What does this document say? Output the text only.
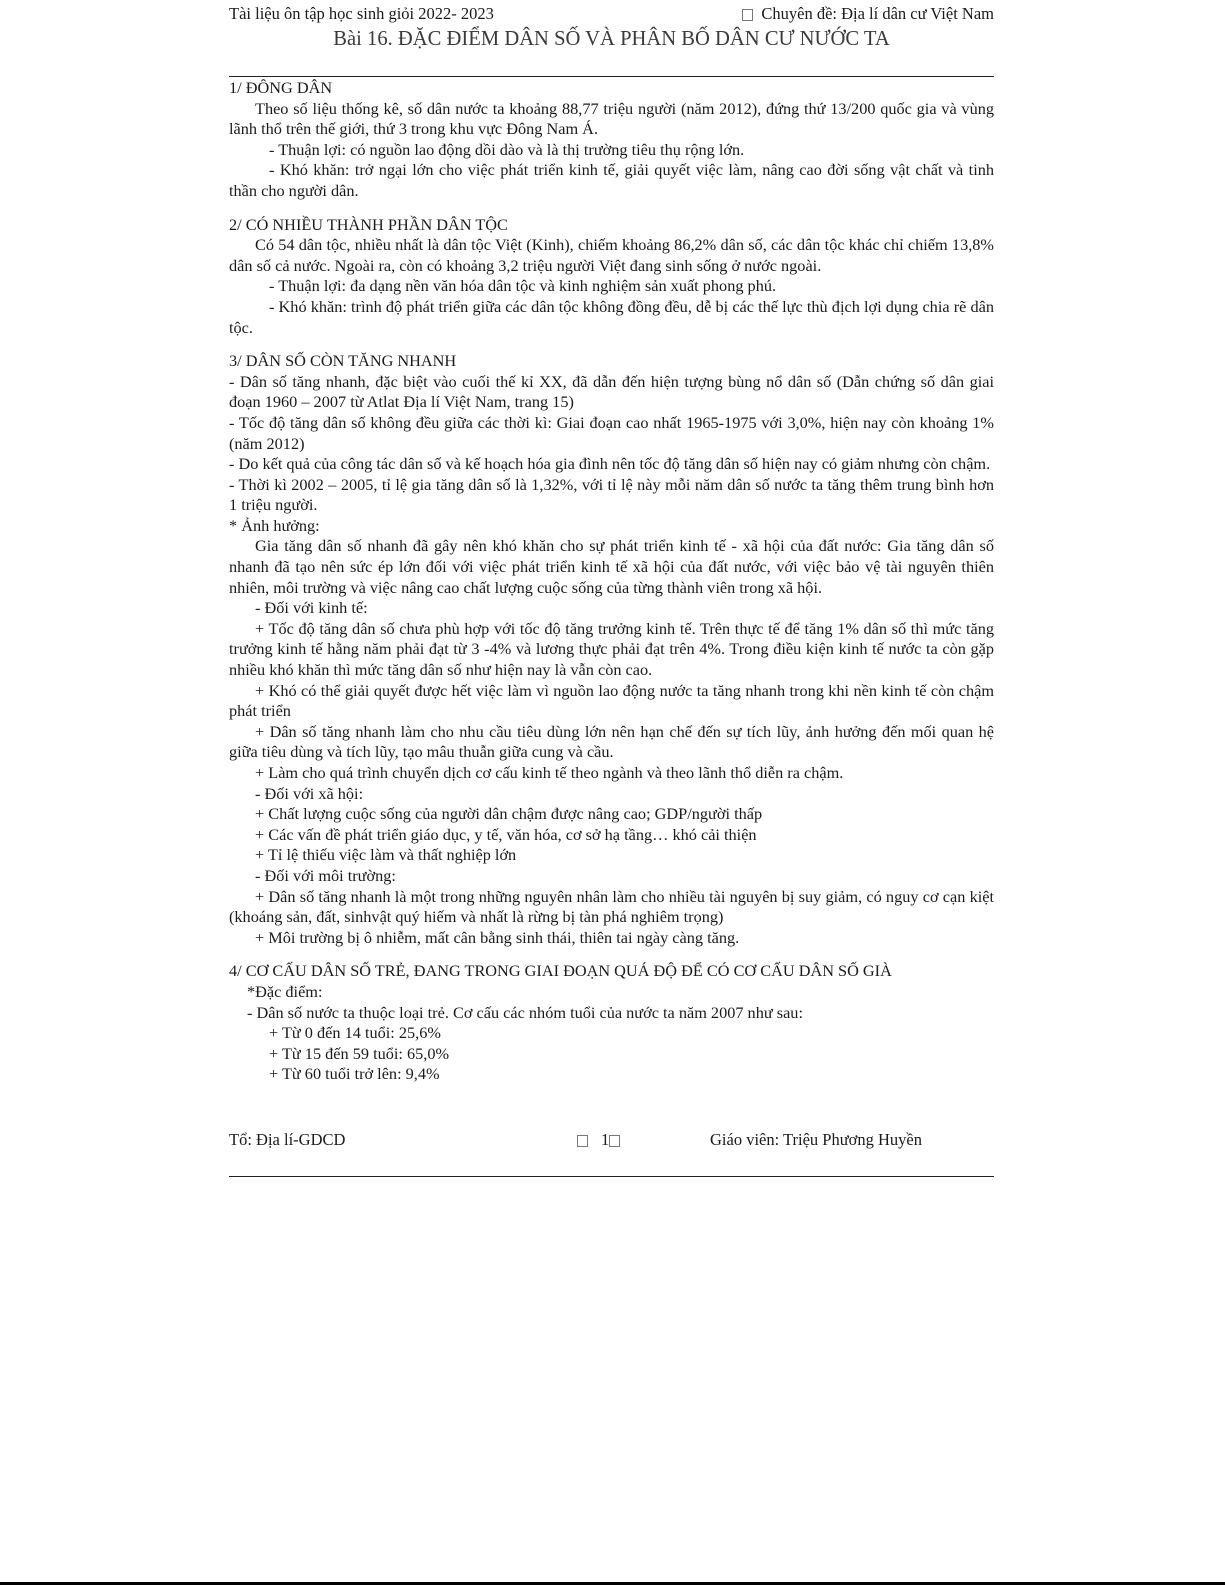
Tài liệu ôn tập học sinh giỏi 2022- 2023	Chuyên đề: Địa lí dân cư Việt Nam
Bài 16. ĐẶC ĐIỂM DÂN SỐ VÀ PHÂN BỐ DÂN CƯ NƯỚC TA

1/ ĐÔNG DÂN

Theo số liệu thống kê, số dân nước ta khoảng 88,77 triệu người (năm 2012), đứng thứ 13/200 quốc gia và vùng lãnh thổ trên thế giới, thứ 3 trong khu vực Đông Nam Á.

- Thuận lợi: có nguồn lao động dồi dào và là thị trường tiêu thụ rộng lớn.

- Khó khăn: trở ngại lớn cho việc phát triển kinh tế, giải quyết việc làm, nâng cao đời sống vật chất và tinh thần cho người dân.

2/ CÓ NHIỀU THÀNH PHẦN DÂN TỘC

Có 54 dân tộc, nhiều nhất là dân tộc Việt (Kinh), chiếm khoảng 86,2% dân số, các dân tộc khác chỉ chiếm 13,8% dân số cả nước. Ngoài ra, còn có khoảng 3,2 triệu người Việt đang sinh sống ở nước ngoài.

- Thuận lợi: đa dạng nền văn hóa dân tộc và kinh nghiệm sản xuất phong phú.

- Khó khăn: trình độ phát triển giữa các dân tộc không đồng đều, dễ bị các thế lực thù địch lợi dụng chia rẽ dân tộc.

3/ DÂN SỐ CÒN TĂNG NHANH

- Dân số tăng nhanh, đặc biệt vào cuối thế kỉ XX, đã dẫn đến hiện tượng bùng nổ dân số (Dẫn chứng số dân giai đoạn 1960 – 2007 từ Atlat Địa lí Việt Nam, trang 15)

- Tốc độ tăng dân số không đều giữa các thời kì: Giai đoạn cao nhất 1965-1975 với 3,0%, hiện nay còn khoảng 1% (năm 2012)

- Do kết quả của công tác dân số và kế hoạch hóa gia đình nên tốc độ tăng dân số hiện nay có giảm nhưng còn chậm.

- Thời kì 2002 – 2005, tỉ lệ gia tăng dân số là 1,32%, với tỉ lệ này mỗi năm dân số nước ta tăng thêm trung bình hơn 1 triệu người.

* Ảnh hưởng:

Gia tăng dân số nhanh đã gây nên khó khăn cho sự phát triển kinh tế - xã hội của đất nước: Gia tăng dân số nhanh đã tạo nên sức ép lớn đối với việc phát triển kinh tế xã hội của đất nước, với việc bảo vệ tài nguyên thiên nhiên, môi trường và việc nâng cao chất lượng cuộc sống của từng thành viên trong xã hội.

- Đối với kinh tế:

+ Tốc độ tăng dân số chưa phù hợp với tốc độ tăng trưởng kinh tế. Trên thực tế để tăng 1% dân số thì mức tăng trưởng kinh tế hằng năm phải đạt từ 3 -4% và lương thực phải đạt trên 4%. Trong điều kiện kinh tế nước ta còn gặp nhiều khó khăn thì mức tăng dân số như hiện nay là vẫn còn cao.

+ Khó có thể giải quyết được hết việc làm vì nguồn lao động nước ta tăng nhanh trong khi nền kinh tế còn chậm phát triển

+ Dân số tăng nhanh làm cho nhu cầu tiêu dùng lớn nên hạn chế đến sự tích lũy, ảnh hưởng đến mối quan hệ giữa tiêu dùng và tích lũy, tạo mâu thuẫn giữa cung và cầu.

+ Làm cho quá trình chuyển dịch cơ cấu kinh tế theo ngành và theo lãnh thổ diễn ra chậm.

- Đối với xã hội:

+ Chất lượng cuộc sống của người dân chậm được nâng cao; GDP/người thấp

+ Các vấn đề phát triển giáo dục, y tế, văn hóa, cơ sở hạ tầng… khó cải thiện

+ Tỉ lệ thiếu việc làm và thất nghiệp lớn

- Đối với môi trường:

+ Dân số tăng nhanh là một trong những nguyên nhân làm cho nhiều tài nguyên bị suy giảm, có nguy cơ cạn kiệt (khoáng sản, đất, sinhvật quý hiếm và nhất là rừng bị tàn phá nghiêm trọng)

+ Môi trường bị ô nhiễm, mất cân bằng sinh thái, thiên tai ngày càng tăng.

4/ CƠ CẤU DÂN SỐ TRẺ, ĐANG TRONG GIAI ĐOẠN QUÁ ĐỘ ĐỂ CÓ CƠ CẤU DÂN SỐ GIÀ

*Đặc điểm:

- Dân số nước ta thuộc loại trẻ. Cơ cấu các nhóm tuổi của nước ta năm 2007 như sau:

+ Từ 0 đến 14 tuổi: 25,6%

+ Từ 15 đến 59 tuổi: 65,0%

+ Từ 60 tuổi trở lên: 9,4%

Tổ: Địa lí-GDCD	1	Giáo viên: Triệu Phương Huyền
